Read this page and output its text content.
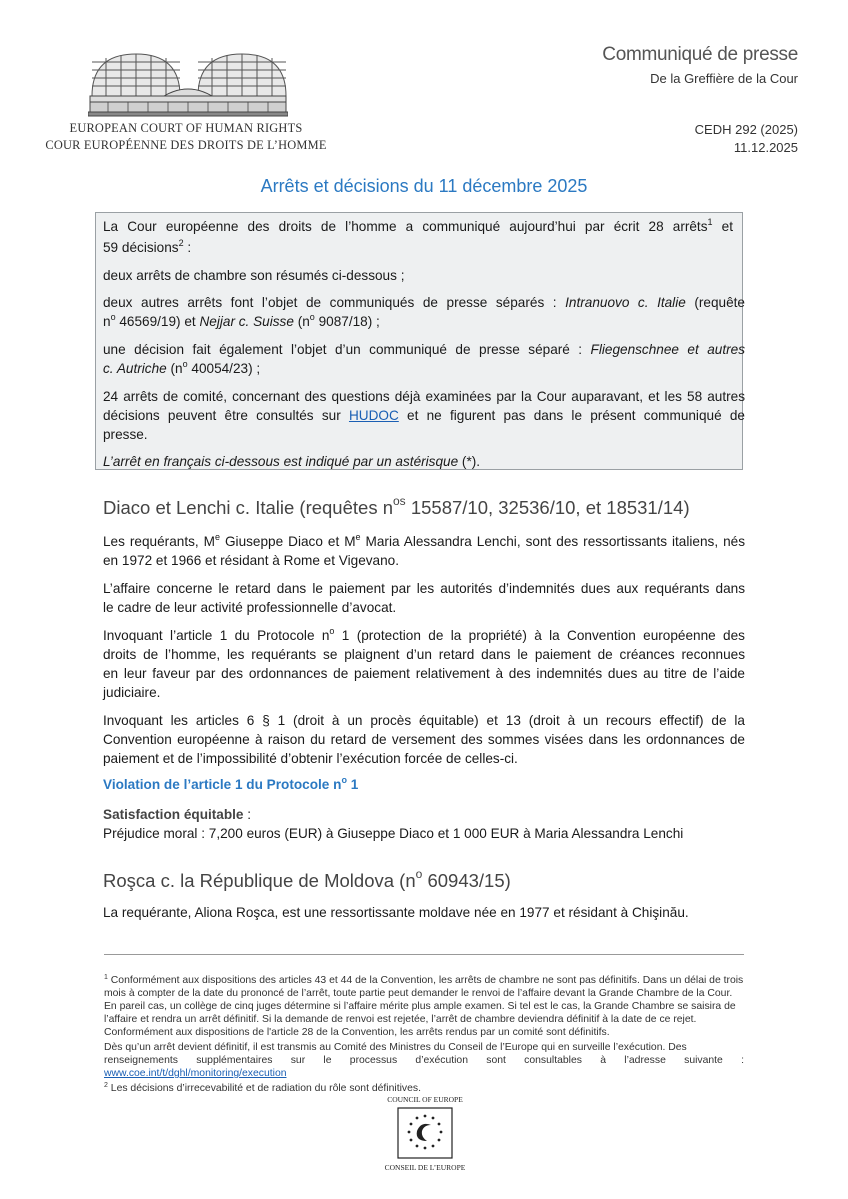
EUROPEAN COURT OF HUMAN RIGHTS
COUR EUROPÉENNE DES DROITS DE L’HOMME
Communiqué de presse
De la Greffière de la Cour
CEDH 292 (2025)
11.12.2025
Arrêts et décisions du 11 décembre 2025
La Cour européenne des droits de l’homme a communiqué aujourd’hui par écrit 28 arrêts$^1$ et
59 décisions$^2$ :
deux arrêts de chambre son résumés ci-dessous ;
deux autres arrêts font l’objet de communiqués de presse séparés : Intranuovo c. Italie (requête
$n^o$ 46569/19) et Nejjar c. Suisse ($n^o$ 9087/18) ;
une décision fait également l’objet d’un communiqué de presse séparé : Fliegenschnee et autres
c. Autriche ($n^o$ 40054/23) ;
24 arrêts de comité, concernant des questions déjà examinées par la Cour auparavant, et les 58 autres
décisions peuvent être consultés sur HUDOC et ne figurent pas dans le présent communiqué de
presse.
L’arrêt en français ci-dessous est indiqué par un astérisque (*).
Diaco et Lenchi c. Italie (requêtes $n^{os}$ 15587/10, 32536/10, et 18531/14)
Les requérants, Me Giuseppe Diaco et Me Maria Alessandra Lenchi, sont des ressortissants italiens, nés
en 1972 et 1966 et résidant à Rome et Vigevano.
L’affaire concerne le retard dans le paiement par les autorités d’indemnités dues aux requérants dans
le cadre de leur activité professionnelle d’avocat.
Invoquant l’article 1 du Protocole $n^o$ 1 (protection de la propriété) à la Convention européenne des
droits de l’homme, les requérants se plaignent d’un retard dans le paiement de créances reconnues
en leur faveur par des ordonnances de paiement relativement à des indemnités dues au titre de l’aide
judiciaire.
Invoquant les articles 6 § 1 (droit à un procès équitable) et 13 (droit à un recours effectif) de la
Convention européenne à raison du retard de versement des sommes visées dans les ordonnances de
paiement et de l’impossibilité d’obtenir l’exécution forcée de celles-ci.
Violation de l’article 1 du Protocole $n^o$ 1
Satisfaction équitable :
Préjudice moral : 7,200 euros (EUR) à Giuseppe Diaco et 1 000 EUR à Maria Alessandra Lenchi
Roşca c. la République de Moldova ($n^o$ 60943/15)
La requérante, Aliona Roşca, est une ressortissante moldave née en 1977 et résidant à Chişinău.
$^1$ Conformément aux dispositions des articles 43 et 44 de la Convention, les arrêts de chambre ne sont pas définitifs. Dans un délai de trois
mois à compter de la date du prononcé de l’arrêt, toute partie peut demander le renvoi de l’affaire devant la Grande Chambre de la Cour.
En pareil cas, un collège de cinq juges détermine si l’affaire mérite plus ample examen. Si tel est le cas, la Grande Chambre se saisira de
l’affaire et rendra un arrêt définitif. Si la demande de renvoi est rejetée, l’arrêt de chambre deviendra définitif à la date de ce rejet.
Conformément aux dispositions de l'article 28 de la Convention, les arrêts rendus par un comité sont définitifs.
Dès qu’un arrêt devient définitif, il est transmis au Comité des Ministres du Conseil de l’Europe qui en surveille l’exécution. Des
renseignements supplémentaires sur le processus d’exécution sont consultables à l’adresse suivante :
www.coe.int/t/dghl/monitoring/execution
$^2$ Les décisions d’irrecevabilité et de radiation du rôle sont définitives.
COUNCIL OF EUROPE
CONSEIL DE L’EUROPE
